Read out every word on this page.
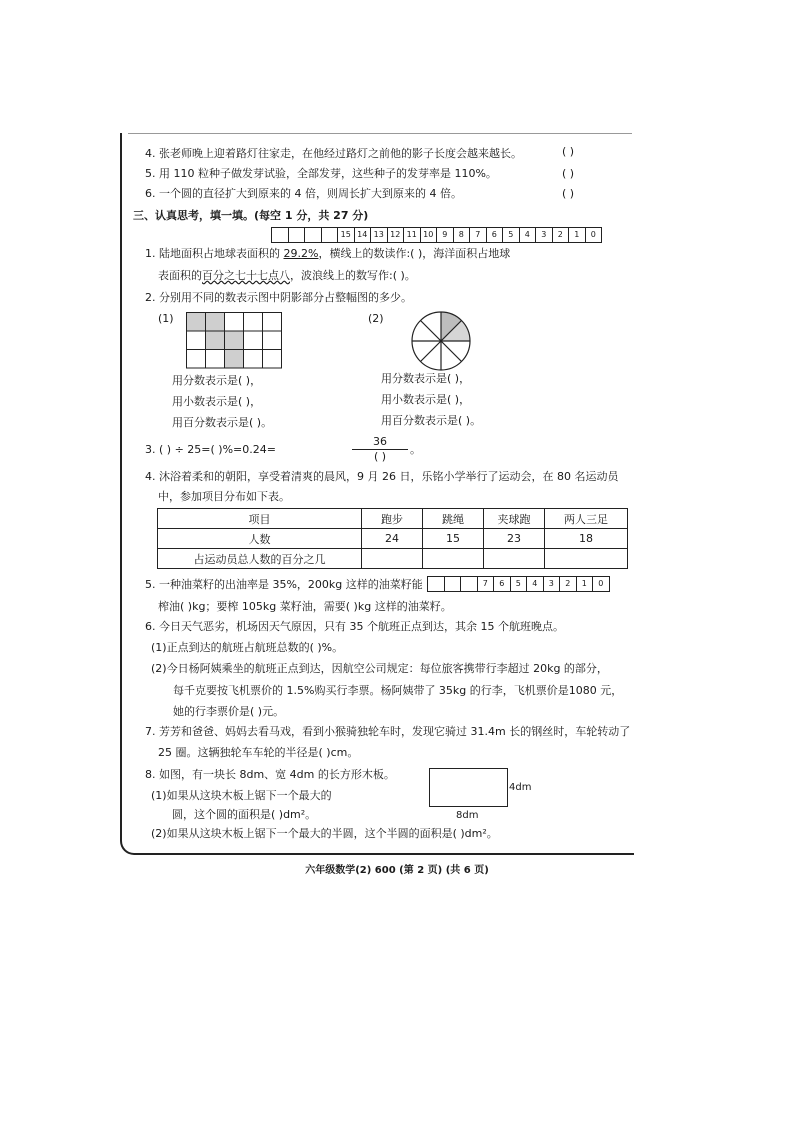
4. 张老师晚上迎着路灯往家走，在他经过路灯之前他的影子长度会越来越长。	( )
5. 用 110 粒种子做发芽试验，全部发芽，这些种子的发芽率是 110%。	( )
6. 一个圆的直径扩大到原来的 4 倍，则周长扩大到原来的 4 倍。	( )
三、认真思考，填一填。(每空 1 分，共 27 分)
15 14 13 12 11 10	9	8	7	6	5	4	3	2	1	0
1. 陆地面积占地球表面积的 29.2%，横线上的数读作:( )，海洋面积占地球
表面积的百分之七十七点八，波浪线上的数写作:( )。
2. 分别用不同的数表示图中阴影部分占整幅图的多少。
(1)	(2)
用分数表示是( )，
用小数表示是( )，
用百分数表示是( )。
用分数表示是( )，
用小数表示是( )，
用百分数表示是( )。
3. ( ) ÷ 25=( )%=0.24=
36
( )
。
4. 沐浴着柔和的朝阳，享受着清爽的晨风，9 月 26 日，乐铭小学举行了运动会，在 80 名运动员
中，参加项目分布如下表。
项目	跑步	跳绳	夹球跑	两人三足
人数	24	15	23	18
占运动员总人数的百分之几				
5. 一种油菜籽的出油率是 35%，200kg 这样的油菜籽能	7	6	5	4	3	2	1	0
榨油( )kg；要榨 105kg 菜籽油，需要( )kg 这样的油菜籽。
6. 今日天气恶劣，机场因天气原因，只有 35 个航班正点到达，其余 15 个航班晚点。
(1)正点到达的航班占航班总数的( )%。
(2)今日杨阿姨乘坐的航班正点到达，因航空公司规定：每位旅客携带行李超过 20kg 的部分，
每千克要按飞机票价的 1.5%购买行李票。杨阿姨带了 35kg 的行李，飞机票价是1080 元，
她的行李票价是( )元。
7. 芳芳和爸爸、妈妈去看马戏，看到小猴骑独轮车时，发现它骑过 31.4m 长的钢丝时，车轮转动了
25 圈。这辆独轮车车轮的半径是( )cm。
8. 如图，有一块长 8dm、宽 4dm 的长方形木板。
(1)如果从这块木板上锯下一个最大的
圆，这个圆的面积是( )dm²。
(2)如果从这块木板上锯下一个最大的半圆，这个半圆的面积是( )dm²。
4dm
8dm
六年级数学(2) 600 (第 2 页) (共 6 页)
